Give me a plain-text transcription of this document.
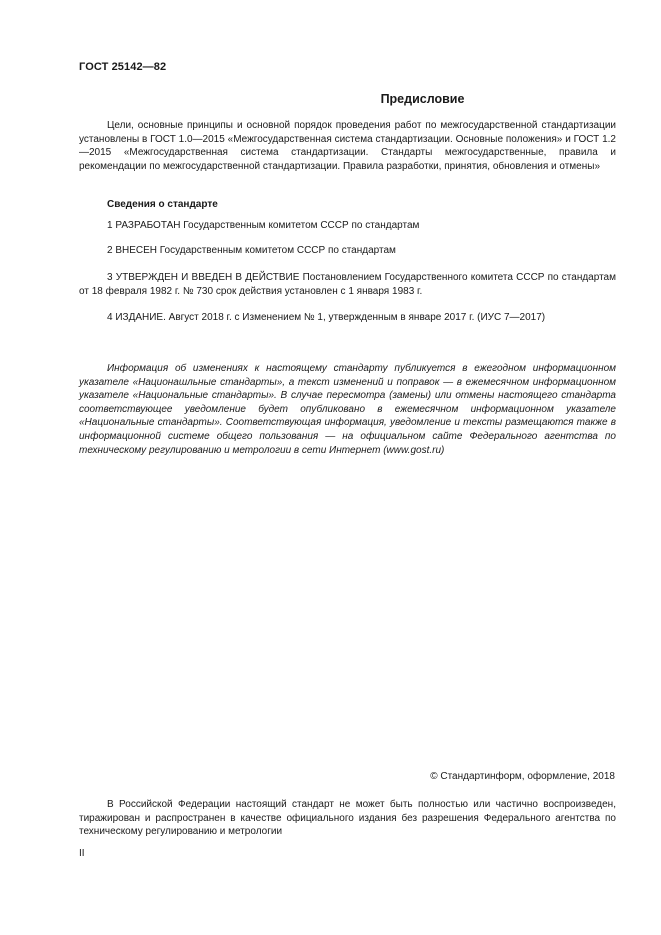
ГОСТ 25142—82
Предисловие

Цели, основные принципы и основной порядок проведения работ по межгосударственной стандартизации установлены в ГОСТ 1.0—2015 «Межгосударственная система стандартизации. Основные положения» и ГОСТ 1.2—2015 «Межгосударственная система стандартизации. Стандарты межгосударственные, правила и рекомендации по межгосударственной стандартизации. Правила разработки, принятия, обновления и отмены»

Сведения о стандарте

1 РАЗРАБОТАН Государственным комитетом СССР по стандартам

2 ВНЕСЕН Государственным комитетом СССР по стандартам

3 УТВЕРЖДЕН И ВВЕДЕН В ДЕЙСТВИЕ Постановлением Государственного комитета СССР по стандартам от 18 февраля 1982 г. № 730 срок действия установлен с 1 января 1983 г.

4 ИЗДАНИЕ. Август 2018 г. с Изменением № 1, утвержденным в январе 2017 г. (ИУС 7—2017)

Информация об изменениях к настоящему стандарту публикуется в ежегодном информационном указателе «Национашльные стандарты», а текст изменений и поправок — в ежемесячном информационном указателе «Национальные стандарты». В случае пересмотра (замены) или отмены настоящего стандарта соответствующее уведомление будет опубликовано в ежемесячном информационном указателе «Национальные стандарты». Соответствующая информация, уведомление и тексты размещаются также в информационной системе общего пользования — на официальном сайте Федерального агентства по техническому регулированию и метрологии в сети Интернет (www.gost.ru)

© Стандартинформ, оформление, 2018

В Российской Федерации настоящий стандарт не может быть полностью или частично воспроизведен, тиражирован и распространен в качестве официального издания без разрешения Федерального агентства по техническому регулированию и метрологии

II
